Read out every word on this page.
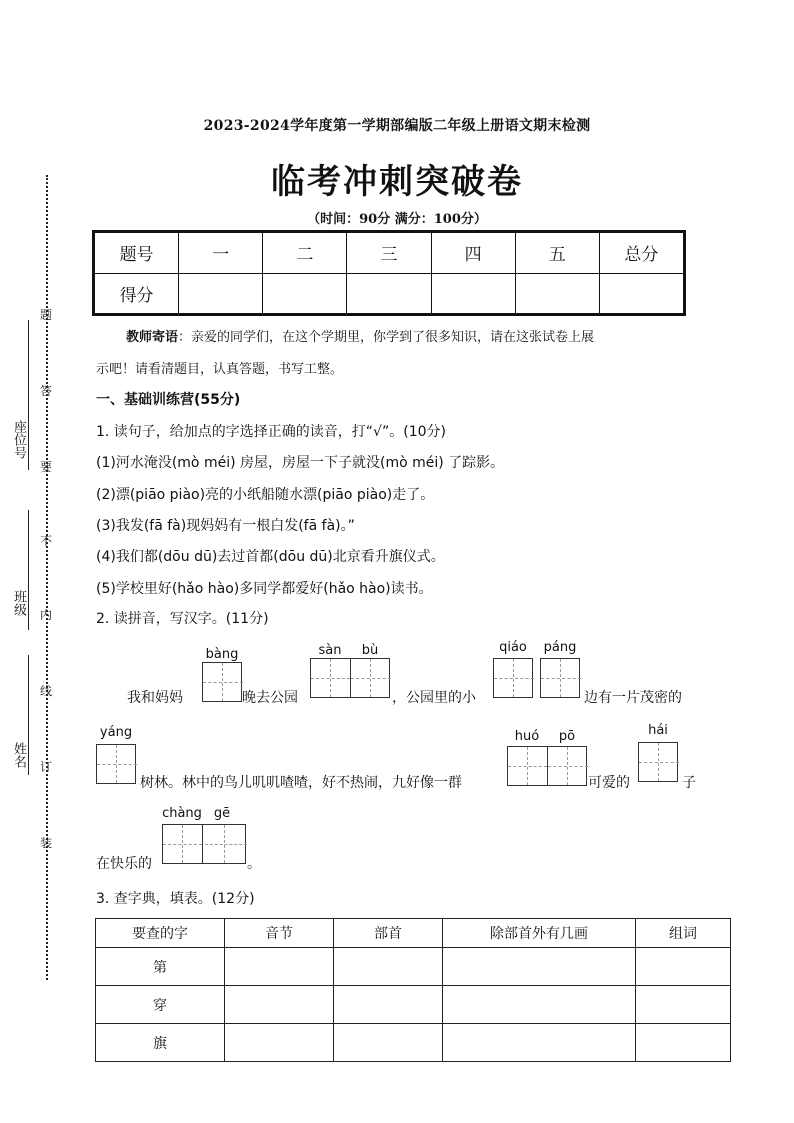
2023-2024学年度第一学期部编版二年级上册语文期末检测
临考冲刺突破卷
（时间：90分 满分：100分）
题号	一	二	三	四	五	总分
得分						
题
答
要
不
内
线
订
装
座位号
班级
姓名
教师寄语：亲爱的同学们，在这个学期里，你学到了很多知识，请在这张试卷上展
示吧！请看清题目，认真答题，书写工整。
一、基础训练营(55分)
1. 读句子，给加点的字选择正确的读音，打“√”。(10分)
(1)河水淹没(mò méi) 房屋，房屋一下子就没(mò méi) 了踪影。
(2)漂(piāo piào)亮的小纸船随水漂(piāo piào)走了。
(3)我发(fā fà)现妈妈有一根白发(fā fà)。”
(4)我们都(dōu dū)去过首都(dōu dū)北京看升旗仪式。
(5)学校里好(hǎo hào)多同学都爱好(hǎo hào)读书。
2. 读拼音，写汉字。(11分)
我和妈妈
bàng
晚去公园
sàn	bù
，公园里的小
qiáo	páng
边有一片茂密的
yáng
树林。林中的鸟儿叽叽喳喳，好不热闹，九好像一群
huó	pō
可爱的
hái
子
chàng gē
在快乐的	。
3. 查字典，填表。(12分)
要查的字	音节	部首	除部首外有几画	组词
第				
穿				
旗				
